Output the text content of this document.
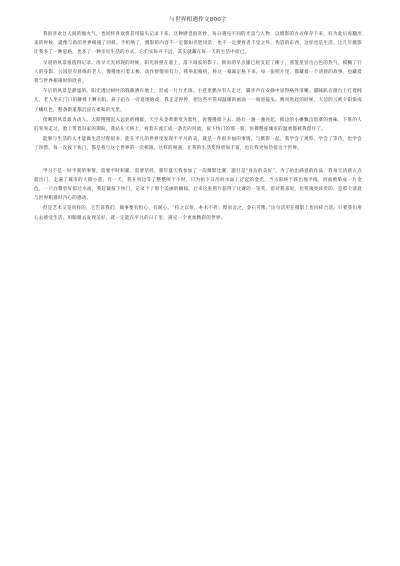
与世界相遇作文800字

我很喜欢这人间的烟火气，也同样喜欢将其用镜头记录下来。这种感觉很奇妙，每日遇见不同的光景与人物，以摄影的方式保存下来，好为此后再翻出来的时候，就像与新的世界相遇了同样。手机响了，摄影的内容不一定都如名胜风景，也不一定要看者千里之外，伪造的东西，这样也是生活。这几年摄影让我多了一种思路，也多了一种亲近生活的方式。它们实际并不远，其实就藏在每一天的生活中而已。

早晨的风景很值得记录。清早天光初现的时候，阳光斜照在墙上，落下斑驳的影子。街角的早点铺已经支起了摊子，蒸笼里冒出白色的热气，模糊了行人的身影。公园里有晨练的老人，慢慢地打着太极，动作舒缓而有力。我举起相机，将这一幕幕定格下来。每一张照片里，都藏着一个清晨的故事，也藏着我与世界相遇时的欣喜。

午后的风景是静谧的。阳光透过树叶的缝隙洒在地上，形成一片片光斑。小巷里偶尔有人走过，脚步声在安静中显得格外清晰。猫咪趴在窗台上打着盹儿，老人坐在门口的藤椅上晒太阳，孩子们在一旁追逐嬉戏。我走走停停，把这些平常却温暖的画面一一收进镜头。晚风吹起的时候，天边的云被夕阳染成了橘红色，整条街道都沉浸在柔和的光里。

傍晚的风景最为动人。太阳慢慢沉入远处的楼群，天空从金黄渐变为紫红，再慢慢暗下去。路灯一盏一盏亮起，街边的小摊飘出饭菜的香味，下班的人们匆匆走过，脸上带着归家的期盼。我站在天桥上，看着车流汇成一条光的河流，按下快门的那一刻，仿佛整座城市的温柔都被我留住了。

能够与生活的人才能做生活过程很多，能在平凡的世界里发现不平凡的美，就是一件很幸福的事情。与摄影一起，我学会了观察，学会了等待，也学会了珍惜。每一次按下快门，都是我与这个世界的一次相遇。这样的相遇，让我的生活变得更加丰富，也让我更加热爱这个世界。

学习不是一时半刻的事情，需要平时积累，需要坚持。那年夏天我参加了一次摄影比赛，题目是“身边的美好”。为了拍出满意的作品，我每天清晨五点就出门，走遍了城市的大街小巷。有一天，我在河边等了整整两个小时，只为拍下日出时水面上泛起的金光。当太阳终于跃出地平线，河面被染成一片金色，一只白鹭恰好掠过水面，我赶紧按下快门，记录下了那个美丽的瞬间。后来这张照片获得了比赛的一等奖，但对我来说，比奖项更珍贵的，是那个清晨与世界相遇时内心的感动。

但是艺术又是同样的，它告诉我们：做事要有恒心，有耐心。“持之以恒，朴木不折；锲而舍之，金石可镂。”这句话用在摄影上也同样合适。只要我们用心去感受生活，用眼睛去发现美好，就一定能在平凡的日子里，遇见一个更加精彩的世界。
